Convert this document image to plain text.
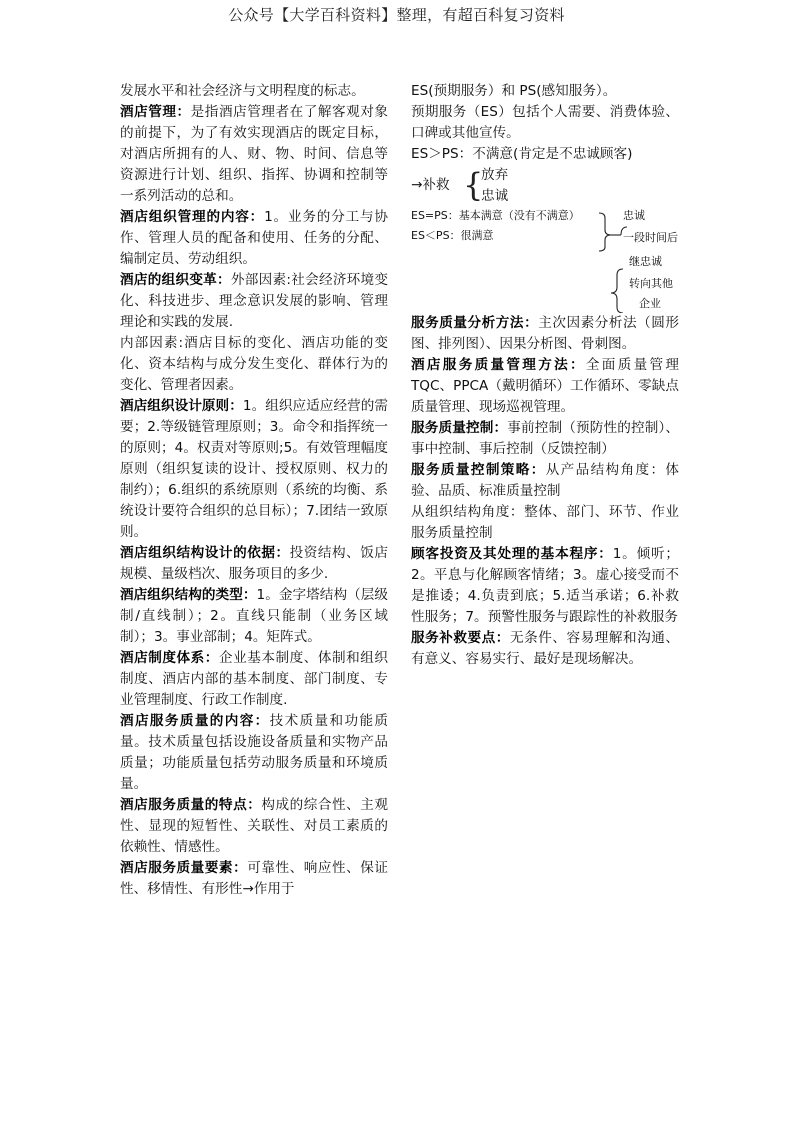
公众号【大学百科资料】整理，有超百科复习资料

发展水平和社会经济与文明程度的标志。

酒店管理：是指酒店管理者在了解客观对象的前提下，为了有效实现酒店的既定目标，对酒店所拥有的人、财、物、时间、信息等资源进行计划、组织、指挥、协调和控制等一系列活动的总和。

酒店组织管理的内容：1。业务的分工与协作、管理人员的配备和使用、任务的分配、编制定员、劳动组织。

酒店的组织变革：外部因素:社会经济环境变化、科技进步、理念意识发展的影响、管理理论和实践的发展.

内部因素:酒店目标的变化、酒店功能的变化、资本结构与成分发生变化、群体行为的变化、管理者因素。

酒店组织设计原则：1。组织应适应经营的需要；2.等级链管理原则；3。命令和指挥统一的原则；4。权责对等原则;5。有效管理幅度原则（组织复读的设计、授权原则、权力的制约）；6.组织的系统原则（系统的均衡、系统设计要符合组织的总目标）；7.团结一致原则。

酒店组织结构设计的依据：投资结构、饭店规模、量级档次、服务项目的多少.

酒店组织结构的类型：1。金字塔结构（层级制/直线制）；2。直线只能制（业务区域制）；3。事业部制；4。矩阵式。

酒店制度体系：企业基本制度、体制和组织制度、酒店内部的基本制度、部门制度、专业管理制度、行政工作制度.

酒店服务质量的内容：技术质量和功能质量。技术质量包括设施设备质量和实物产品质量；功能质量包括劳动服务质量和环境质量。

酒店服务质量的特点：构成的综合性、主观性、显现的短暂性、关联性、对员工素质的依赖性、情感性。

酒店服务质量要素：可靠性、响应性、保证性、移情性、有形性→作用于

ES(预期服务）和 PS(感知服务）。

预期服务（ES）包括个人需要、消费体验、口碑或其他宣传。

ES＞PS：不满意(肯定是不忠诚顾客)

→补救 {
放弃
忠诚
ES=PS：基本满意（没有不满意）	忠诚
ES＜PS：很满意	一段时间后
继忠诚
转向其他
企业

服务质量分析方法：主次因素分析法（圆形图、排列图）、因果分析图、骨刺图。

酒店服务质量管理方法：全面质量管理 TQC、PPCA（戴明循环）工作循环、零缺点质量管理、现场巡视管理。

服务质量控制：事前控制（预防性的控制）、事中控制、事后控制（反馈控制）

服务质量控制策略：从产品结构角度：体验、品质、标准质量控制

从组织结构角度：整体、部门、环节、作业服务质量控制

顾客投资及其处理的基本程序：1。倾听；2。平息与化解顾客情绪；3。虚心接受而不是推诿；4.负责到底；5.适当承诺；6.补救性服务；7。预警性服务与跟踪性的补救服务

服务补救要点：无条件、容易理解和沟通、有意义、容易实行、最好是现场解决。
